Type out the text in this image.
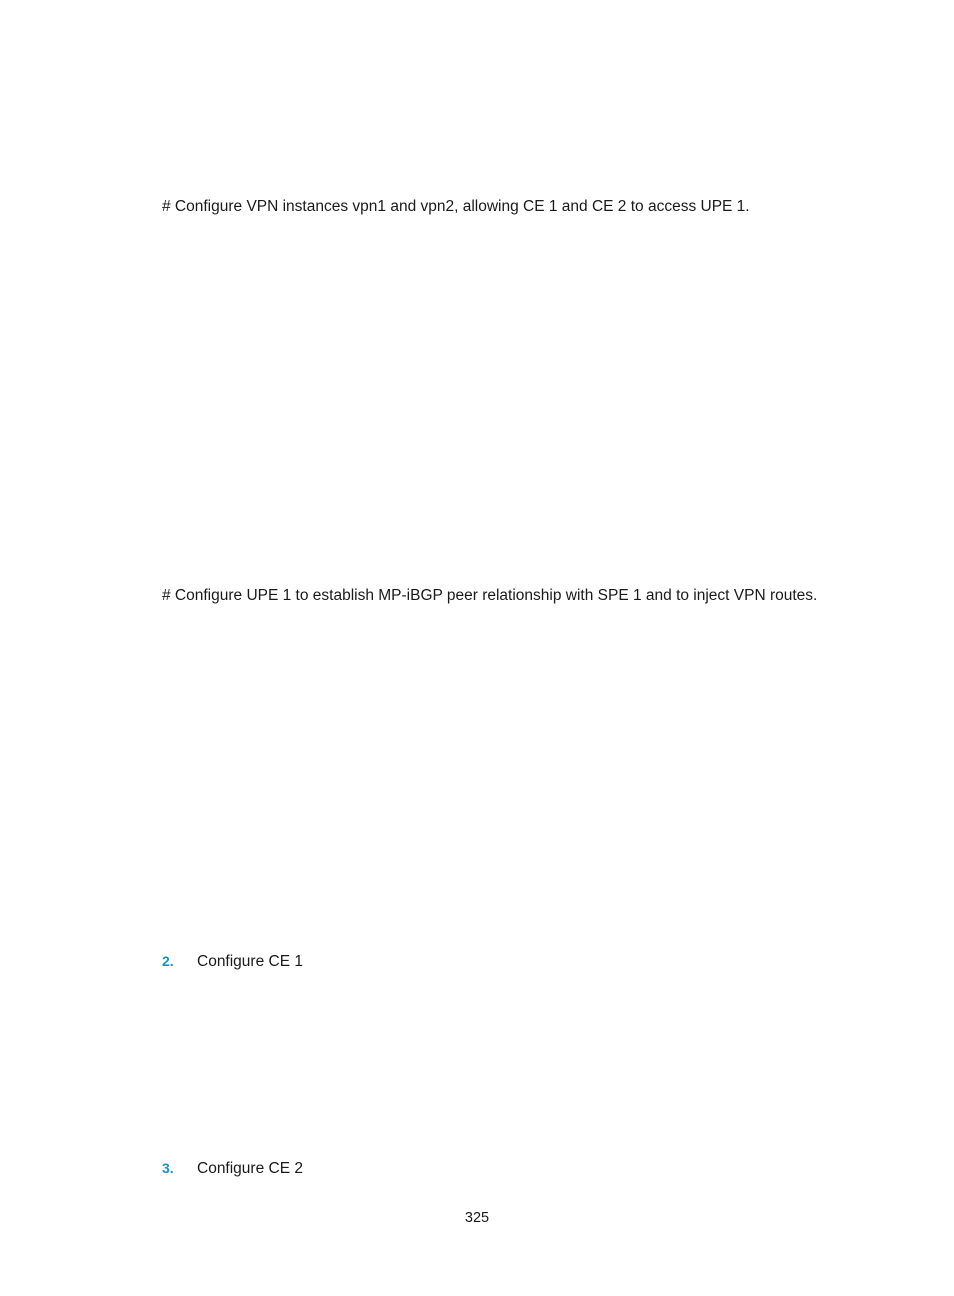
# Configure VPN instances vpn1 and vpn2, allowing CE 1 and CE 2 to access UPE 1.
# Configure UPE 1 to establish MP-iBGP peer relationship with SPE 1 and to inject VPN routes.
2. Configure CE 1
3. Configure CE 2
325
